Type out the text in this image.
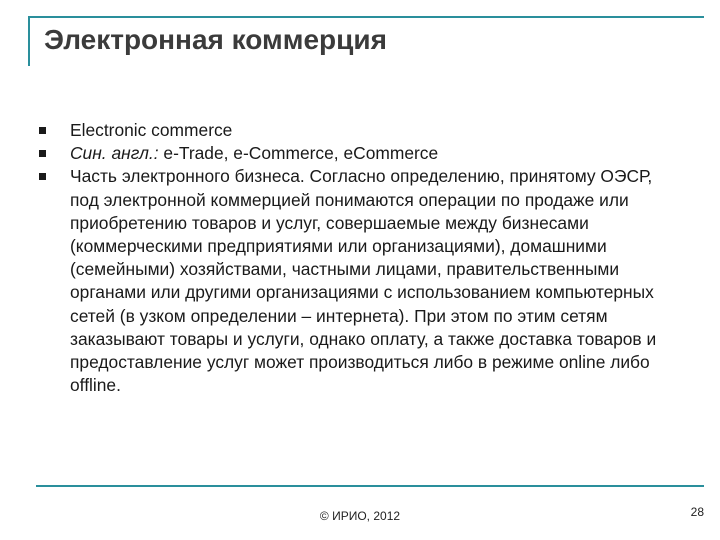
Электронная коммерция
Electronic commerce
Син. англ.: e-Trade, e-Commerce, eCommerce
Часть электронного бизнеса. Согласно определению, принятому ОЭСР, под электронной коммерцией понимаются операции по продаже или приобретению товаров и услуг, совершаемые между бизнесами (коммерческими предприятиями или организациями), домашними (семейными) хозяйствами, частными лицами, правительственными органами или другими организациями с использованием компьютерных сетей (в узком определении – интернета). При этом по этим сетям заказывают товары и услуги, однако оплату, а также доставка товаров и предоставление услуг может производиться либо в режиме online либо offline.
© ИРИО, 2012	28
